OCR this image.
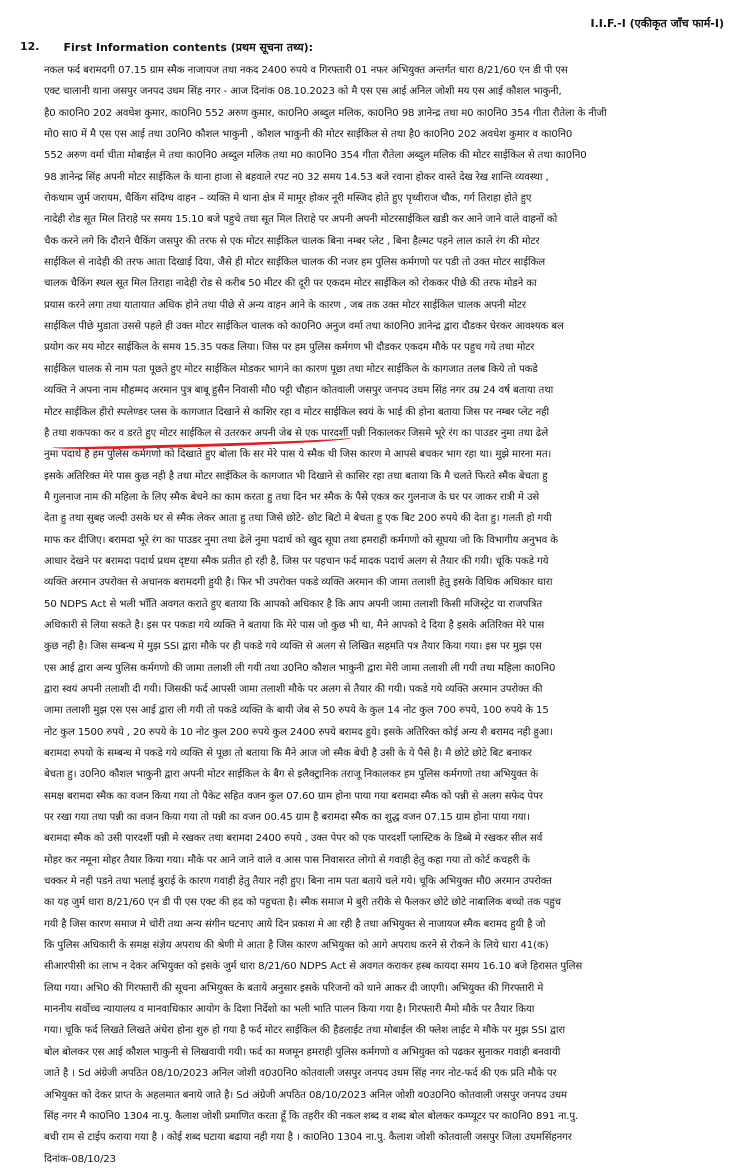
I.I.F.-I (एकीकृत जाँच फार्म-I)
12. First Information contents (प्रथम सूचना तथ्य):
नकल फर्द बरामदगी 07.15 ग्राम स्मैक नाजायज तथा नकद 2400 रुपये व गिरफ्तारी 01 नफर अभियुक्त अन्तर्गत धारा 8/21/60 एन डी पी एस
एक्ट चालानी थाना जसपुर जनपद उधम सिंह नगर - आज दिनांक 08.10.2023 को मै एस एस आई अनिल जोशी मय एस आई कौशल भाकुनी,
है0 का0नि0 202 अवधेश कुमार, का0नि0 552 अरुण कुमार, का0नि0 अब्दुल मलिक, का0नि0 98 ज्ञानेन्द्र तथा म0 का0नि0 354 गीता रौतेला के नीजी
मो0 सा0 में मै एस एस आई तथा उ0नि0 कौशल भाकुनी , कौशल भाकुनी की मोटर साईकिल से तथा है0 का0नि0 202 अवधेश कुमार व का0नि0
552 अरुण वर्मा चीता मोबाईल मे तथा का0नि0 अब्दुल मलिक तथा म0 का0नि0 354 गीता रौतेला अब्दुल मलिक की मोटर साईकिल से तथा का0नि0
98 ज्ञानेन्द्र सिंह अपनी मोटर साईकिल के थाना हाजा से बहवाले रपट न0 32 समय 14.53 बजे रवाना होकर वास्ते देख रेख शान्ति व्यवस्था ,
रोकथाम जुर्म जरायम, चैकिंग संदिग्ध वाहन – व्यक्ति मे थाना क्षेत्र में मामूर होकर नूरी मस्जिद होते हुए पृथ्वीराज चौक, गर्ग तिराहा होते हुए
नादेही रोड सूत मिल तिराहे पर समय 15.10 बजे पहुचे तथा सूत मिल तिराहे पर अपनी अपनी मोटरसाईकिल खडी कर आने जाने वाले वाहनों को
चैक करने लगे कि दौराने चैकिंग जसपुर की तरफ से एक मोटर साईकिल चालक बिना नम्बर प्लेट , बिना हैल्मट पहने लाल काले रंग की मोटर
साईकिल से नादेही की तरफ आता दिखाई दिया, जैसे ही मोटर साईकिल चालक की नजर हम पुलिस कर्मगणो पर पडी तो उक्त मोटर साईकिल
चालक चैकिंग स्थल सूत मिल तिराहा नादेही रोड से करीब 50 मीटर की दूरी पर एकदम मोटर साईकिल को रोककर पीछे की तरफ मोडने का
प्रयास करने लगा तथा यातायात अधिक होने तथा पीछे से अन्य वाहन आने के कारण , जब तक उक्त मोटर साईकिल चालक अपनी मोटर
साईकिल पीछे मुडाता उससे पहले ही उक्त मोटर साईकिल चालक को का0नि0 अनुज वर्मा तथा का0नि0 ज्ञानेन्द्र द्वारा दौडकर घेरकर आवश्यक बल
प्रयोग कर मय मोटर साईकिल के समय 15.35 पकड लिया। जिस पर हम पुलिस कर्मगण भी दौडकर एकदम मौके पर पहुच गये तथा मोटर
साईकिल चालक से नाम पता पूछते हुए मोटर साईकिल मोडकर भागने का कारण पूछा तथा मोटर साईकिल के कागजात तलब किये तो पकडे
व्यक्ति ने अपना नाम मौहम्मद अरमान पुत्र बाबू हुसैन निवासी मौ0 पट्टी चौहान कोतवाली जसपुर जनपद उधम सिंह नगर उम्र 24 वर्ष बताया तथा
मोटर साईकिल हीरो स्पलेण्डर प्लस के कागजात दिखाने से काशिर रहा व मोटर साईकिल स्वयं के भाई की होना बताया जिस पर नम्बर प्लेट नही
है तथा शकपका कर व डरते हुए मोटर साईकिल से उतरकर अपनी जेब से एक पारदर्शी पन्नी निकालकर जिसमे भूरे रंग का पाउडर नुमा तथा ढेले
नुमा पदार्थ है हम पुलिस कर्मगणो को दिखाते हुए बोला कि सर मेरे पास ये स्मैक थी जिस कारण मे आपसे बचकर भाग रहा था। मुझे मारना मत।
इसके अतिरिक्त मेरे पास कुछ नही है तथा मोटर साईकिल के कागजात भी दिखाने से कासिर रहा तथा बताया कि मै चलते फिरते स्मैक बेचता हु
मै गुलनाज नाम की महिला के लिए स्मैक बेचने का काम करता हु तथा दिन भर स्मैक के पैसे एकत्र कर गुलनाज के घर पर जाकर रात्री मे उसे
देता हु तथा सुबह जल्दी उसके घर से स्मैक लेकर आता हु तथा जिसे छोटे- छोट बिटो मे बेचता हु एक बिट 200 रुपये की देता हु। गलती हो गयी
माफ कर दीजिए। बरामदा भूरे रंग का पाउडर नुमा तथा ढेले नुमा पदार्थ को खुद सूघा तथा हमराही कर्मगणो को सूघया जो कि विभागीय अनुभव के
आधार देखने पर बरामदा पदार्थ प्रथम दृष्टया स्मैक प्रतीत हो रही है, जिस पर पहचान फर्द मादक पदार्थ अलग से तैयार की गयी। चूकि पकडे गये
व्यक्ति अरमान उपरोक्त से अचानक बरामदगी हुयी है। फिर भी उपरोक्त पकडे व्यक्ति अरमान की जामा तलाशी हेतु इसके विधिक अधिकार धारा
50 NDPS Act से भली भाँति अवगत कराते हुए बताया कि आपको अधिकार है कि आप अपनी जामा तलाशी किसी मजिस्ट्रेट या राजपत्रित
अधिकारी से लिया सकते है। इस पर पकडा गये व्यक्ति ने बताया कि मेरे पास जो कुछ भी था, मैने आपको दे दिया है इसके अतिरिक्त मेरे पास
कुछ नही है। जिस सम्बन्ध मे मुझ SSI द्वारा मौके पर ही पकडे गये व्यक्ति से अलग से लिखित सहमति पत्र तैयार किया गया। इस पर मुझ एस
एस आई द्वारा अन्य पुलिस कर्मगणो की जामा तलाशी ली गयी तथा उ0नि0 कौशल भाकुनी द्वारा मेरी जामा तलाशी ली गयी तथा महिला का0नि0
द्वारा स्वयं अपनी तलाशी दी गयी। जिसकी फर्द आपसी जामा तलाशी मौके पर अलग से तैयार की गयी। पकडे गये व्यक्ति अरमान उपरोक्त की
जामा तलाशी मुझ एस एस आई द्वारा ली गयी तो पकडे व्यक्ति के बायी जेब से 50 रुपये के कुल 14 नोट कुल 700 रुपये, 100 रुपये के 15
नोट कुल 1500 रुपये , 20 रुपये के 10 नोट कुल 200 रुपये कुल 2400 रुपये बरामद हुये। इसके अतिरिक्त कोई अन्य शै बरामद नही हुआ।
बरामदा रुपयो के सम्बन्ध मे पकडे गये व्यक्ति से पूछा तो बताया कि मैने आज जो स्मैक बेची है उसी के ये पैसे है। मै छोटे छोटे बिट बनाकर
बेचता हु। उ0नि0 कौशल भाकुनी द्वारा अपनी मोटर साईकिल के बैग से इलैक्ट्रानिक तराजू निकालकर हम पुलिस कर्मगणो तथा अभियुक्त के
समक्ष बरामदा स्मैक का वजन किया गया तो पैकेट सहित वजन कुल 07.60 ग्राम होना पाया गया बरामदा स्मैक को पन्नी से अलग सफेद पेपर
पर रखा गया तथा पन्नी का वजन किया गया तो पन्नी का वजन 00.45 ग्राम है बरामदा स्मैक का शुद्ध वजन 07.15 ग्राम होना पाया गया।
बरामदा स्मैक को उसी पारदर्शी पन्नी मे रखकर तथा बरामदा 2400 रुपये , उक्त पेपर को एक पारदर्शी प्लास्टिक के डिब्बे मे रखकर सील सर्व
मोहर कर नमूना मोहर तैयार किया गया। मौके पर आने जाने वाले व आस पास निवासरत लोगो से गवाही हेतु कहा गया तो कोर्ट कचहरी के
चक्कर मे नही पडने तथा भलाई बुराई के कारण गवाही हेतु तैयार नही हुए। बिना नाम पता बताये चले गये। चूकि अभियुक्त मौ0 अरमान उपरोक्त
का यह जुर्म धारा 8/21/60 एन डी पी एस एक्ट की हद को पहुचता है। स्मैक समाज मे बुरी तरीके से फैलकर छोटे छोटे नाबालिक बच्चो तक पहुच
गयी है जिस कारण समाज मे चोरी तथा अन्य संगीन घटनाए आये दिन प्रकाश मे आ रही है तथा अभियुक्त से नाजायज स्मैक बरामद हुयी है जो
कि पुलिस अधिकारी के समक्ष संज्ञेय अपराध की श्रेणी मे आता है जिस कारण अभियुक्त को आगे अपराध करने से रोकने के लिये धारा 41(क)
सीआरपीसी का लाभ न देकर अभियुक्त को इसके जुर्म धारा 8/21/60 NDPS Act से अवगत कराकर हस्ब कायदा समय 16.10 बजे हिरासत पुलिस
लिया गया। अभि0 की गिरफ्तारी की सूचना अभियुक्त के बताये अनुसार इसके परिजनो को थाने आकर दी जाएगी। अभियुक्त की गिरफ्तारी मे
माननीय सर्वोच्च न्यायालय व मानवाधिकार आयोग के दिशा निर्देशो का भली भाति पालन किया गया है। गिरफ्तारी मैमो मौके पर तैयार किया
गया। चूकि फर्द लिखते लिखते अंधेरा होना शुरु हो गया है फर्द मोटर साईकिल की हैडलाईट तथा मोबाईल की फ्लेश लाईट मे मौके पर मुझ SSI द्वारा
बोल बोलकर एस आई कौशल भाकुनी से लिखवायी गयी। फर्द का मजमून हमराही पुलिस कर्मगणो व अभियुक्त को पढकर सुनाकर गवाही बनवायी
जाते है । Sd अंग्रेजी अपठित 08/10/2023 अनिल जोशी व0उ0नि0 कोतवाली जसपुर जनपद उधम सिंह नगर नोट-फर्द की एक प्रति मौके पर
अभियुक्त को देकर प्राप्त के अहलमात बनाये जाते है। Sd अंग्रेजी अपठित 08/10/2023 अनिल जोशी व0उ0नि0 कोतवाली जसपुर जनपद उधम
सिंह नगर मै का0नि0 1304 ना.पु. कैलाश जोशी प्रमाणित करता हूँ कि तहरीर की नकल शब्द व शब्द बोल बोलकर कम्प्यूटर पर का0नि0 891 ना.पु.
बची राम से टाईप कराया गया है । कोई शब्द घटाया बढाया नही गया है । का0नि0 1304 ना.पु. कैलाश जोशी कोतवाली जसपुर जिला उधमसिंहनगर
दिनांक-08/10/23
